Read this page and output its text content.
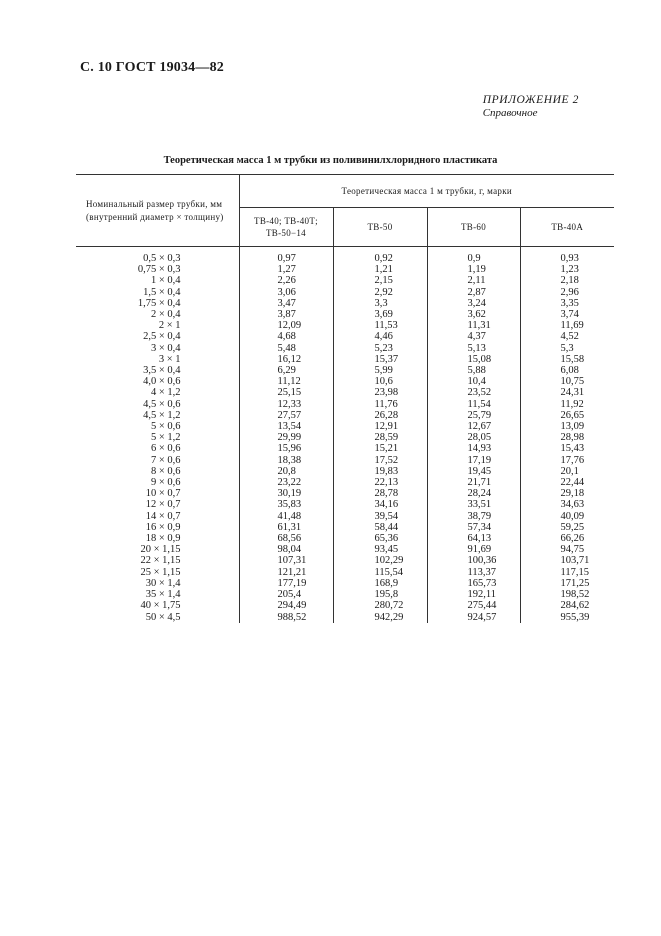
С. 10 ГОСТ 19034—82
ПРИЛОЖЕНИЕ 2
Справочное
Теоретическая масса 1 м трубки из поливинилхлоридного пластиката
Номинальный размер трубки, мм (внутренний диаметр × толщину)	Теоретическая масса 1 м трубки, г, марки			
	ТВ-40; ТВ-40Т; ТВ-50−14	ТВ-50	ТВ-60	ТВ-40А
0,5 × 0,3	0,97	0,92	0,9	0,93
0,75 × 0,3	1,27	1,21	1,19	1,23
1 × 0,4	2,26	2,15	2,11	2,18
1,5 × 0,4	3,06	2,92	2,87	2,96
1,75 × 0,4	3,47	3,3	3,24	3,35
2 × 0,4	3,87	3,69	3,62	3,74
2 × 1	12,09	11,53	11,31	11,69
2,5 × 0,4	4,68	4,46	4,37	4,52
3 × 0,4	5,48	5,23	5,13	5,3
3 × 1	16,12	15,37	15,08	15,58
3,5 × 0,4	6,29	5,99	5,88	6,08
4,0 × 0,6	11,12	10,6	10,4	10,75
4 × 1,2	25,15	23,98	23,52	24,31
4,5 × 0,6	12,33	11,76	11,54	11,92
4,5 × 1,2	27,57	26,28	25,79	26,65
5 × 0,6	13,54	12,91	12,67	13,09
5 × 1,2	29,99	28,59	28,05	28,98
6 × 0,6	15,96	15,21	14,93	15,43
7 × 0,6	18,38	17,52	17,19	17,76
8 × 0,6	20,8	19,83	19,45	20,1
9 × 0,6	23,22	22,13	21,71	22,44
10 × 0,7	30,19	28,78	28,24	29,18
12 × 0,7	35,83	34,16	33,51	34,63
14 × 0,7	41,48	39,54	38,79	40,09
16 × 0,9	61,31	58,44	57,34	59,25
18 × 0,9	68,56	65,36	64,13	66,26
20 × 1,15	98,04	93,45	91,69	94,75
22 × 1,15	107,31	102,29	100,36	103,71
25 × 1,15	121,21	115,54	113,37	117,15
30 × 1,4	177,19	168,9	165,73	171,25
35 × 1,4	205,4	195,8	192,11	198,52
40 × 1,75	294,49	280,72	275,44	284,62
50 × 4,5	988,52	942,29	924,57	955,39
